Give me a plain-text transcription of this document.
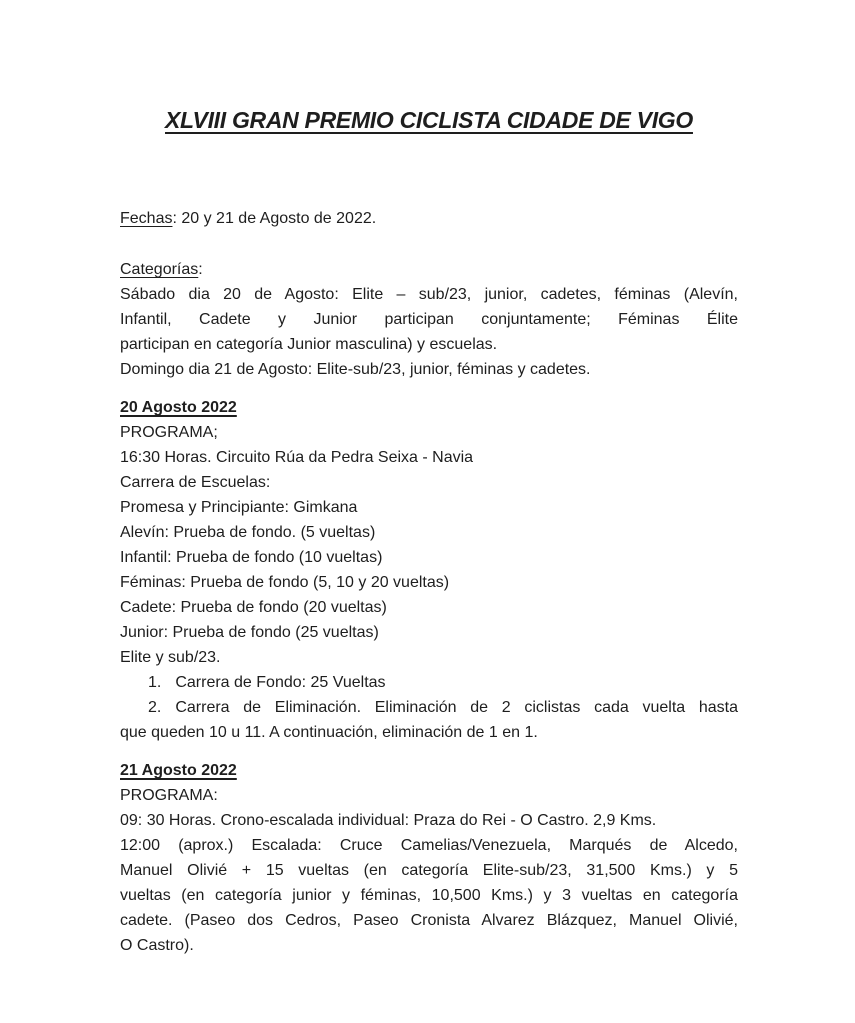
XLVIII GRAN PREMIO CICLISTA CIDADE DE VIGO
Fechas: 20 y 21 de Agosto de 2022.
Categorías:
Sábado dia 20 de Agosto: Elite – sub/23, junior, cadetes, féminas (Alevín,
Infantil, Cadete y Junior participan conjuntamente; Féminas Élite
participan en categoría Junior masculina) y escuelas.
Domingo dia 21 de Agosto: Elite-sub/23, junior, féminas y cadetes.
20 Agosto 2022
PROGRAMA;
16:30 Horas. Circuito Rúa da Pedra Seixa - Navia
Carrera de Escuelas:
Promesa y Principiante: Gimkana
Alevín: Prueba de fondo. (5 vueltas)
Infantil: Prueba de fondo (10 vueltas)
Féminas: Prueba de fondo (5, 10 y 20 vueltas)
Cadete: Prueba de fondo (20 vueltas)
Junior: Prueba de fondo (25 vueltas)
Elite y sub/23.
1. Carrera de Fondo: 25 Vueltas
2. Carrera de Eliminación. Eliminación de 2 ciclistas cada vuelta hasta
que queden 10 u 11. A continuación, eliminación de 1 en 1.
21 Agosto 2022
PROGRAMA:
09: 30 Horas. Crono-escalada individual: Praza do Rei - O Castro. 2,9 Kms.
12:00 (aprox.) Escalada: Cruce Camelias/Venezuela, Marqués de Alcedo,
Manuel Olivié + 15 vueltas (en categoría Elite-sub/23, 31,500 Kms.) y 5
vueltas (en categoría junior y féminas, 10,500 Kms.) y 3 vueltas en categoría
cadete. (Paseo dos Cedros, Paseo Cronista Alvarez Blázquez, Manuel Olivié,
O Castro).
